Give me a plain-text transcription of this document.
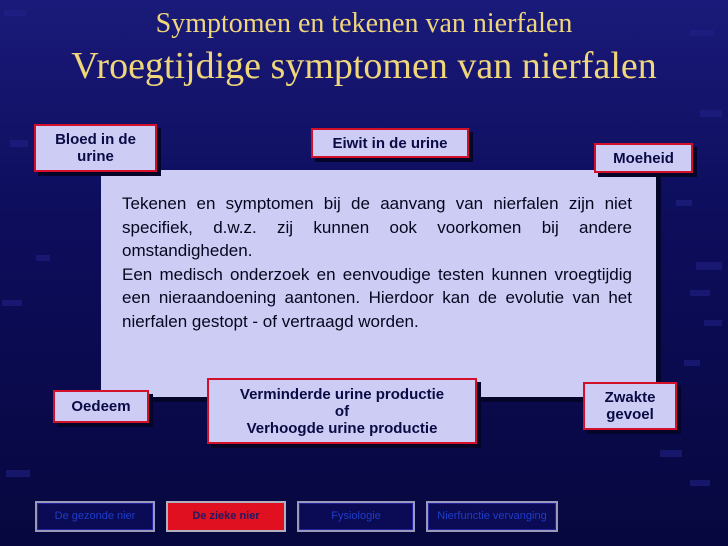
Symptomen en tekenen van nierfalen
Vroegtijdige symptomen van nierfalen

Tekenen en symptomen bij de aanvang van nierfalen zijn niet specifiek, d.w.z. zij kunnen ook voorkomen bij andere omstandigheden.

Een medisch onderzoek en eenvoudige testen kunnen vroegtijdig een nieraandoening aantonen. Hierdoor kan de evolutie van het nierfalen gestopt - of vertraagd worden.

Bloed in de urine
Eiwit in de urine
Moeheid
Oedeem
Verminderde urine productie
of
Verhoogde urine productie
Zwakte gevoel
De gezonde nier	De zieke nier	Fysiologie	Nierfunctie vervanging
